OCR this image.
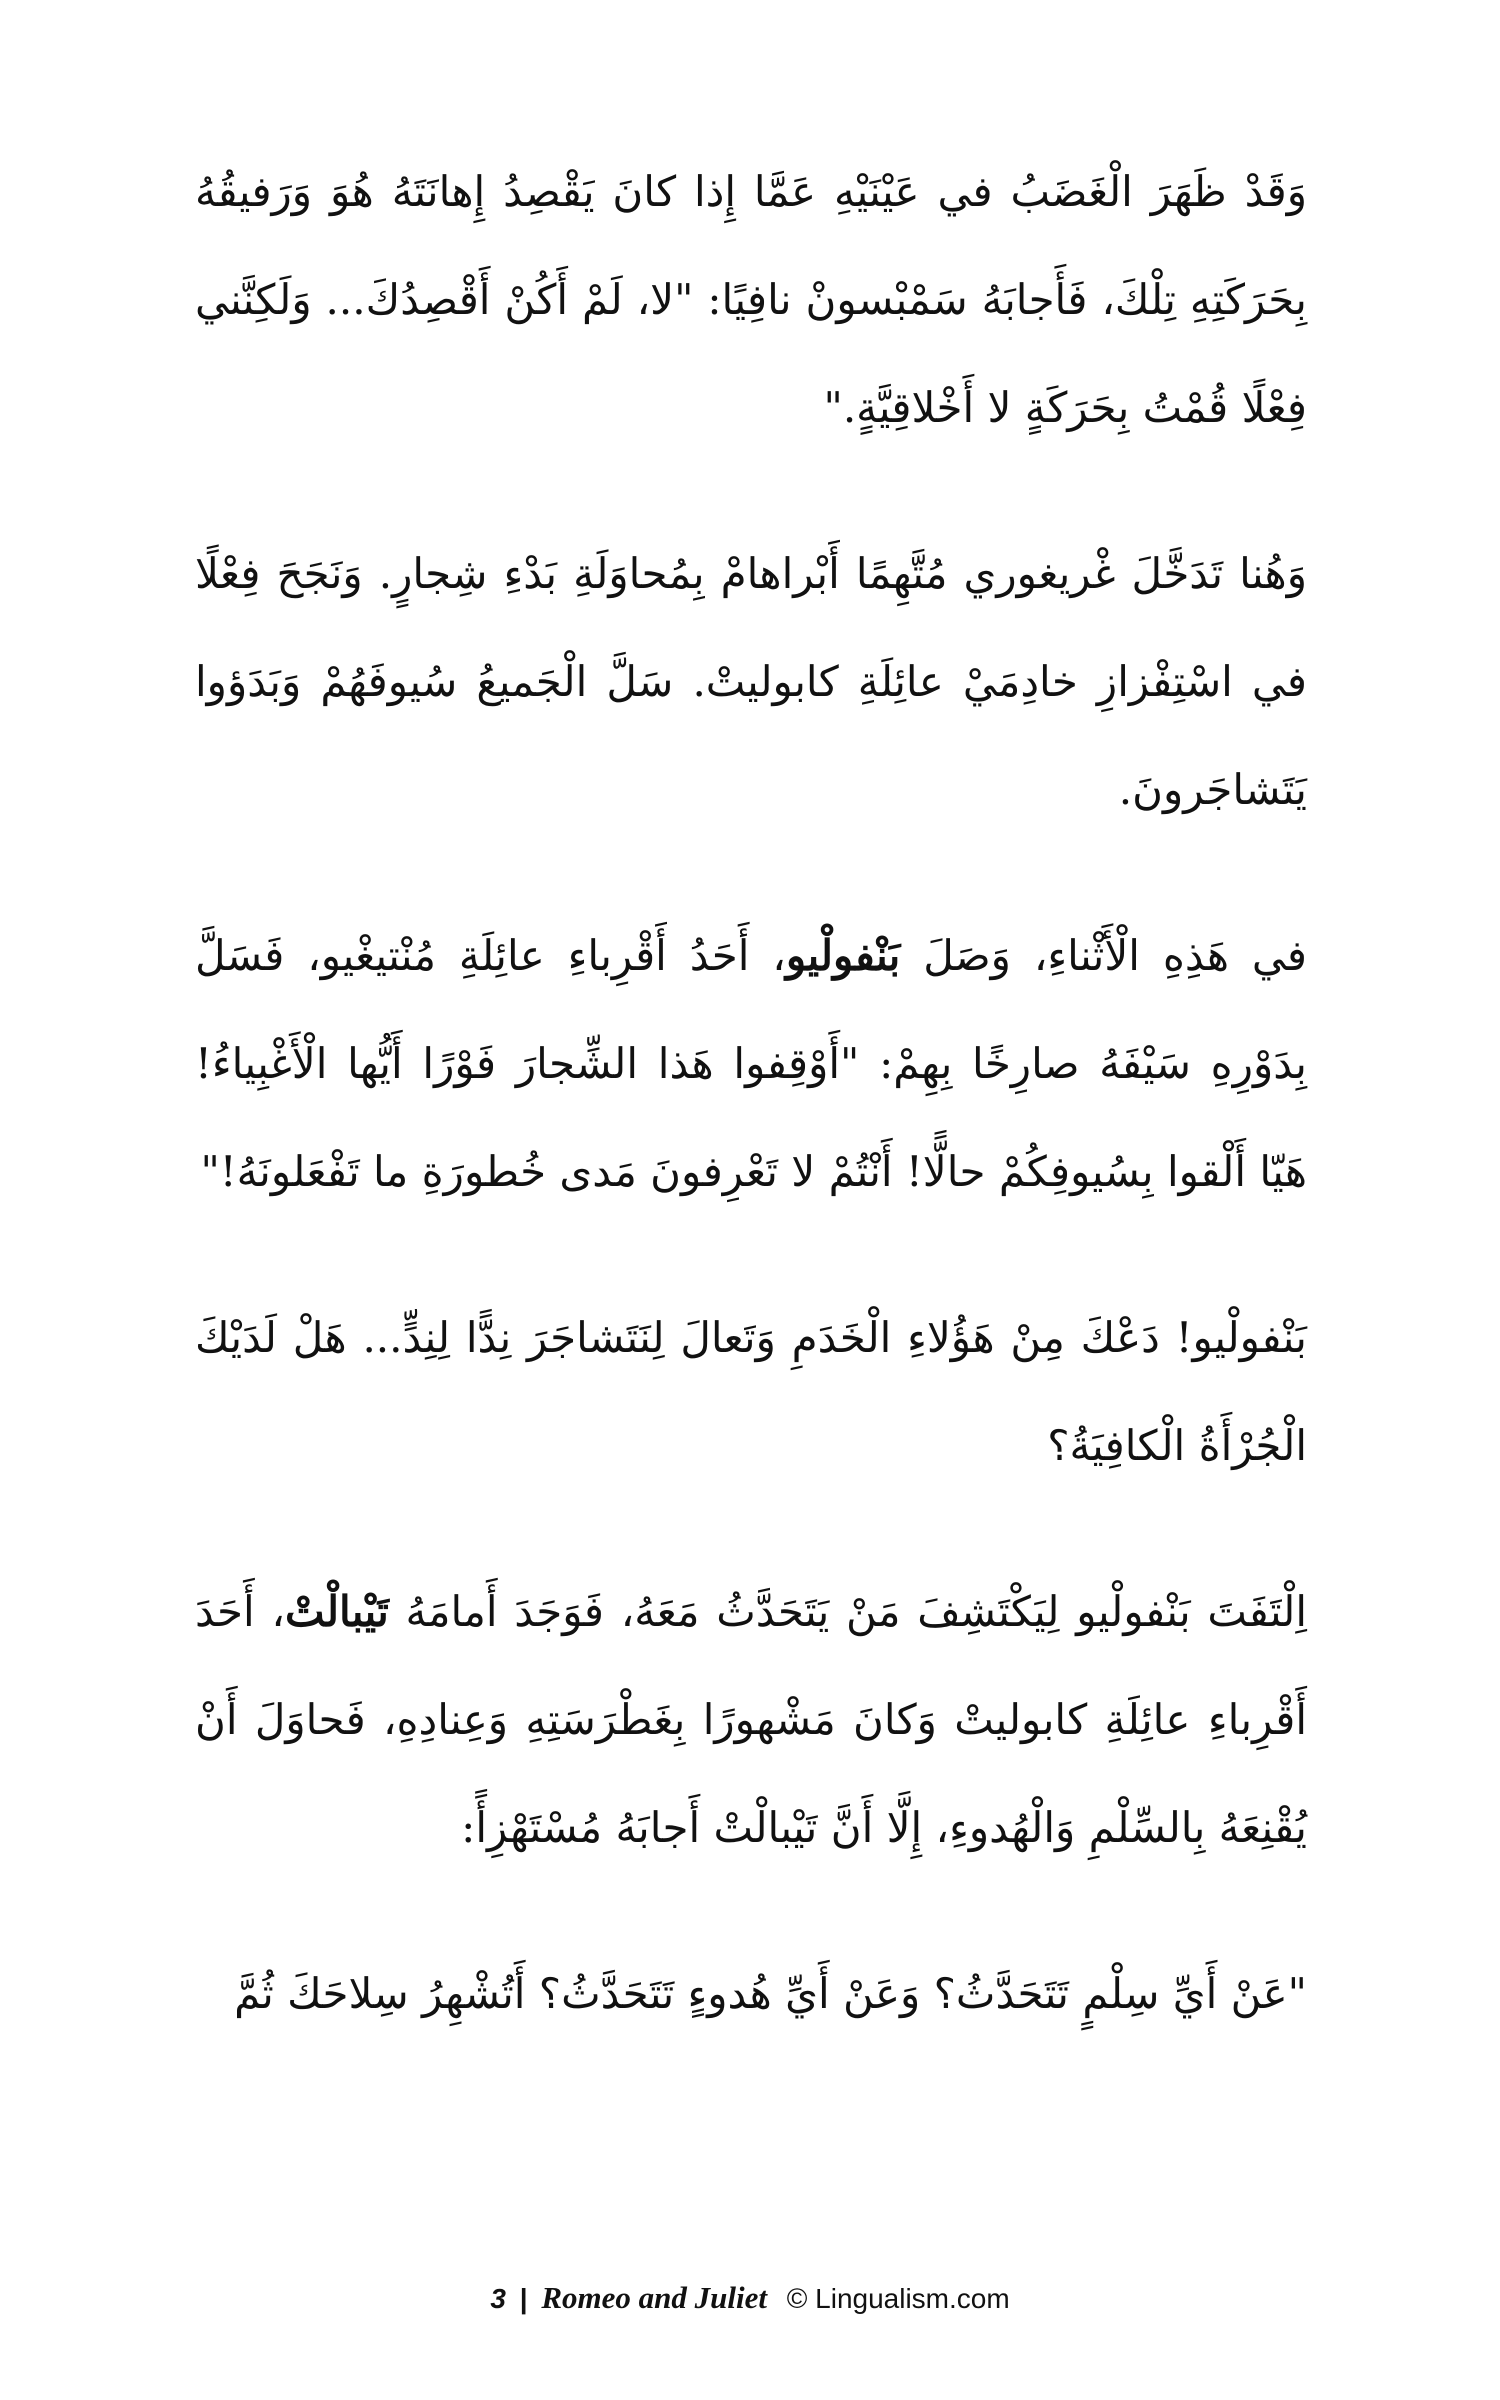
وَقَدْ ظَهَرَ الْغَضَبُ في عَيْنَيْهِ عَمَّا إِذا كانَ يَقْصِدُ إِهانَتَهُ هُوَ وَرَفيقُهُ بِحَرَكَتِهِ تِلْكَ، فَأَجابَهُ سَمْبْسونْ نافِيًا: "لا، لَمْ أَكُنْ أَقْصِدُكَ... وَلَكِنَّني فِعْلًا قُمْتُ بِحَرَكَةٍ لا أَخْلاقِيَّةٍ."

وَهُنا تَدَخَّلَ غْريغوري مُتَّهِمًا أَبْراهامْ بِمُحاوَلَةِ بَدْءِ شِجارٍ. وَنَجَحَ فِعْلًا في اسْتِفْزازِ خادِمَيْ عائِلَةِ كابوليتْ. سَلَّ الْجَميعُ سُيوفَهُمْ وَبَدَؤوا يَتَشاجَرونَ.

في هَذِهِ الْأَثْناءِ، وَصَلَ بَنْفولْيو، أَحَدُ أَقْرِباءِ عائِلَةِ مُنْتيغْيو، فَسَلَّ بِدَوْرِهِ سَيْفَهُ صارِخًا بِهِمْ: "أَوْقِفوا هَذا الشِّجارَ فَوْرًا أَيُّها الْأَغْبِياءُ! هَيّا أَلْقوا بِسُيوفِكُمْ حالًّا! أَنْتُمْ لا تَعْرِفونَ مَدى خُطورَةِ ما تَفْعَلونَهُ!"

بَنْفولْيو! دَعْكَ مِنْ هَؤُلاءِ الْخَدَمِ وَتَعالَ لِنَتَشاجَرَ نِدًّا لِنِدٍّ... هَلْ لَدَيْكَ الْجُرْأَةُ الْكافِيَةُ؟

اِلْتَفَتَ بَنْفولْيو لِيَكْتَشِفَ مَنْ يَتَحَدَّثُ مَعَهُ، فَوَجَدَ أَمامَهُ تَيْبالْتْ، أَحَدَ أَقْرِباءِ عائِلَةِ كابوليتْ وَكانَ مَشْهورًا بِغَطْرَسَتِهِ وَعِنادِهِ، فَحاوَلَ أَنْ يُقْنِعَهُ بِالسِّلْمِ وَالْهُدوءِ، إِلَّا أَنَّ تَيْبالْتْ أَجابَهُ مُسْتَهْزِأً:

"عَنْ أَيِّ سِلْمٍ تَتَحَدَّثُ؟ وَعَنْ أَيِّ هُدوءٍ تَتَحَدَّثُ؟ أَتُشْهِرُ سِلاحَكَ ثُمَّ

3 | Romeo and Juliet © Lingualism.com
